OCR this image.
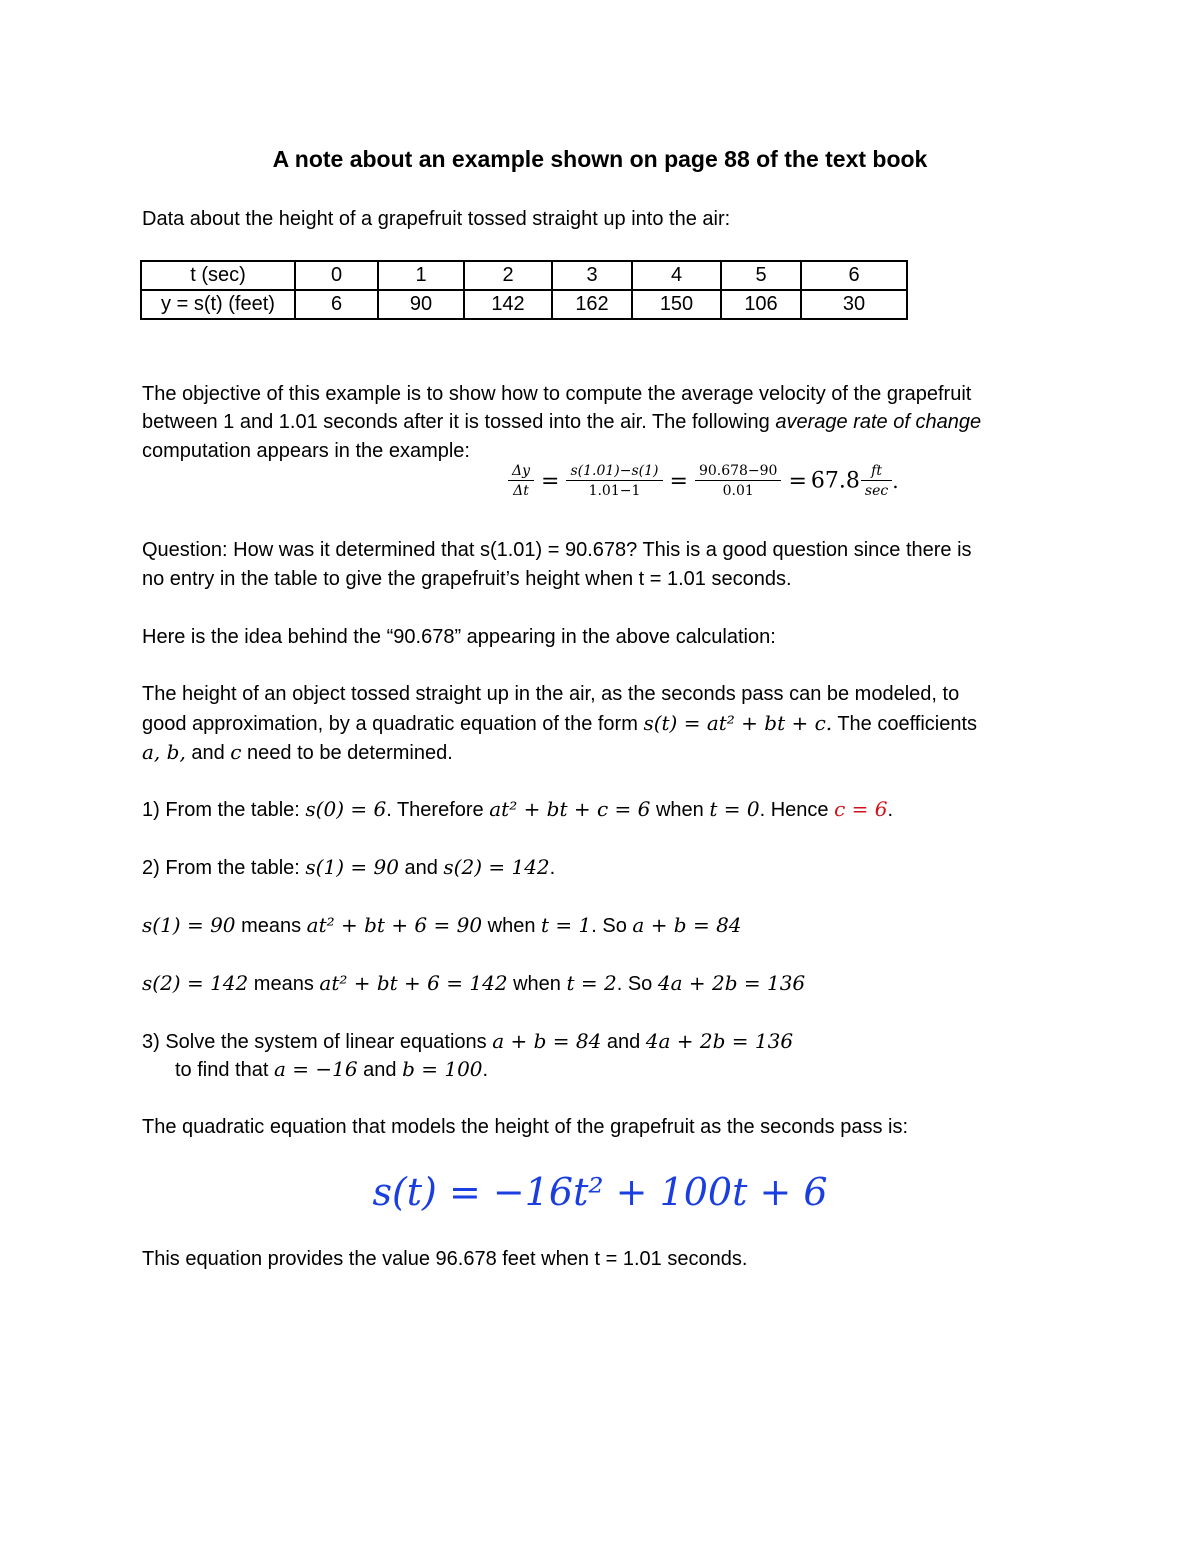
A note about an example shown on page 88 of the text book
Data about the height of a grapefruit tossed straight up into the air:
t (sec)	0	1	2	3	4	5	6
y = s(t) (feet)	6	90	142	162	150	106	30
The objective of this example is to show how to compute the average velocity of the grapefruit
between 1 and 1.01 seconds after it is tossed into the air. The following average rate of change
computation appears in the example:
$\frac{\Delta y}{\Delta t} = \frac{s(1.01)-s(1)}{1.01-1} = \frac{90.678-90}{0.01} = 67.8 \frac{ft}{\sec}$ .
Question: How was it determined that s(1.01) = 90.678? This is a good question since there is
no entry in the table to give the grapefruit’s height when t = 1.01 seconds.
Here is the idea behind the “90.678” appearing in the above calculation:
The height of an object tossed straight up in the air, as the seconds pass can be modeled, to
good approximation, by a quadratic equation of the form s(t) = at² + bt + c. The coefficients
a, b, and c need to be determined.
1) From the table: s(0) = 6. Therefore at² + bt + c = 6 when t = 0. Hence c = 6.
2) From the table: s(1) = 90 and s(2) = 142.
s(1) = 90 means at² + bt + 6 = 90 when t = 1. So a + b = 84
s(2) = 142 means at² + bt + 6 = 142 when t = 2. So 4a + 2b = 136
3) Solve the system of linear equations a + b = 84 and 4a + 2b = 136
to find that a = −16 and b = 100.
The quadratic equation that models the height of the grapefruit as the seconds pass is:
s(t) = −16t² + 100t + 6
This equation provides the value 96.678 feet when t = 1.01 seconds.
